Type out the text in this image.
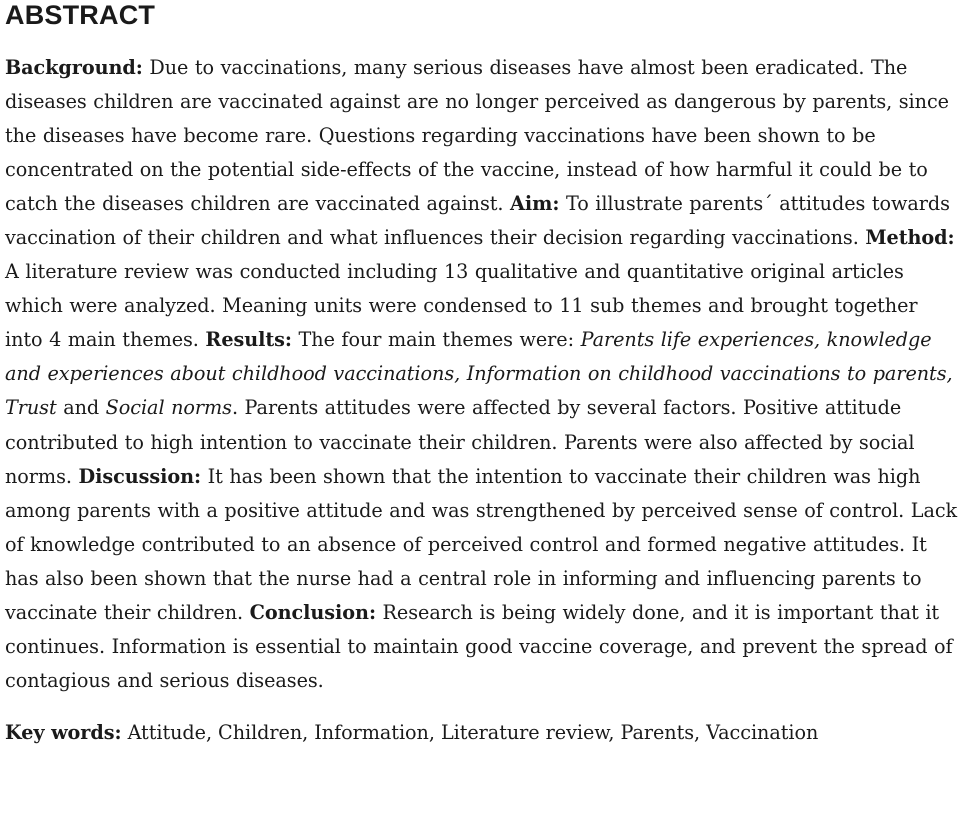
ABSTRACT

Background: Due to vaccinations, many serious diseases have almost been eradicated. The diseases children are vaccinated against are no longer perceived as dangerous by parents, since the diseases have become rare. Questions regarding vaccinations have been shown to be concentrated on the potential side-effects of the vaccine, instead of how harmful it could be to catch the diseases children are vaccinated against. Aim: To illustrate parents´ attitudes towards vaccination of their children and what influences their decision regarding vaccinations. Method: A literature review was conducted including 13 qualitative and quantitative original articles which were analyzed. Meaning units were condensed to 11 sub themes and brought together into 4 main themes. Results: The four main themes were: Parents life experiences, knowledge and experiences about childhood vaccinations, Information on childhood vaccinations to parents, Trust and Social norms. Parents attitudes were affected by several factors. Positive attitude contributed to high intention to vaccinate their children. Parents were also affected by social norms. Discussion: It has been shown that the intention to vaccinate their children was high among parents with a positive attitude and was strengthened by perceived sense of control. Lack of knowledge contributed to an absence of perceived control and formed negative attitudes. It has also been shown that the nurse had a central role in informing and influencing parents to vaccinate their children. Conclusion: Research is being widely done, and it is important that it continues. Information is essential to maintain good vaccine coverage, and prevent the spread of contagious and serious diseases.

Key words: Attitude, Children, Information, Literature review, Parents, Vaccination
